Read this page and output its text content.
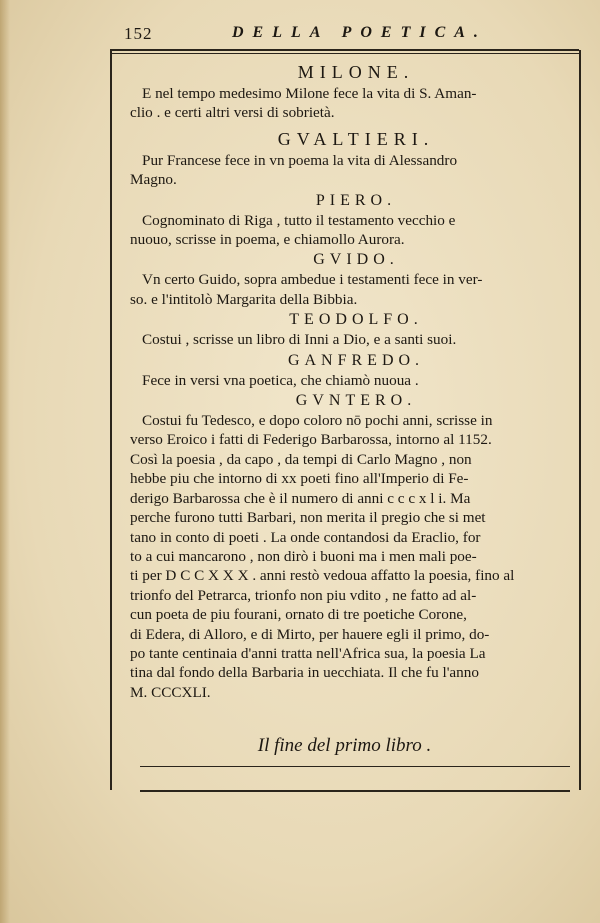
152	DELLA POETICA.
MILONE.
E nel tempo medesimo Milone fece la vita di S. Aman-
clio . e certi altri versi di sobrietà.
GVALTIERI.
Pur Francese fece in vn poema la vita di Alessandro
Magno.
PIERO.
Cognominato di Riga , tutto il testamento vecchio e
nuouo, scrisse in poema, e chiamollo Aurora.
GVIDO.
Vn certo Guido, sopra ambedue i testamenti fece in ver-
so. e l'intitolò Margarita della Bibbia.
TEODOLFO.
Costui , scrisse un libro di Inni a Dio, e a santi suoi.
GANFREDO.
Fece in versi vna poetica, che chiamò nuoua .
GVNTERO.
Costui fu Tedesco, e dopo coloro nō pochi anni, scrisse in
verso Eroico i fatti di Federigo Barbarossa, intorno al 1152.
Così la poesia , da capo , da tempi di Carlo Magno , non
hebbe piu che intorno di xx poeti fino all'Imperio di Fe-
derigo Barbarossa che è il numero di anni c c c x l i. Ma
perche furono tutti Barbari, non merita il pregio che si met
tano in conto di poeti . La onde contandosi da Eraclio, for
to a cui mancarono , non dirò i buoni ma i men mali poe-
ti per D C C X X X . anni restò vedoua affatto la poesia, fino al
trionfo del Petrarca, trionfo non piu vdito , ne fatto ad al-
cun poeta de piu fourani, ornato di tre poetiche Corone,
di Edera, di Alloro, e di Mirto, per hauere egli il primo, do-
po tante centinaia d'anni tratta nell'Africa sua, la poesia La
tina dal fondo della Barbaria in uecchiata. Il che fu l'anno
M. CCCXLI.
Il fine del primo libro .
